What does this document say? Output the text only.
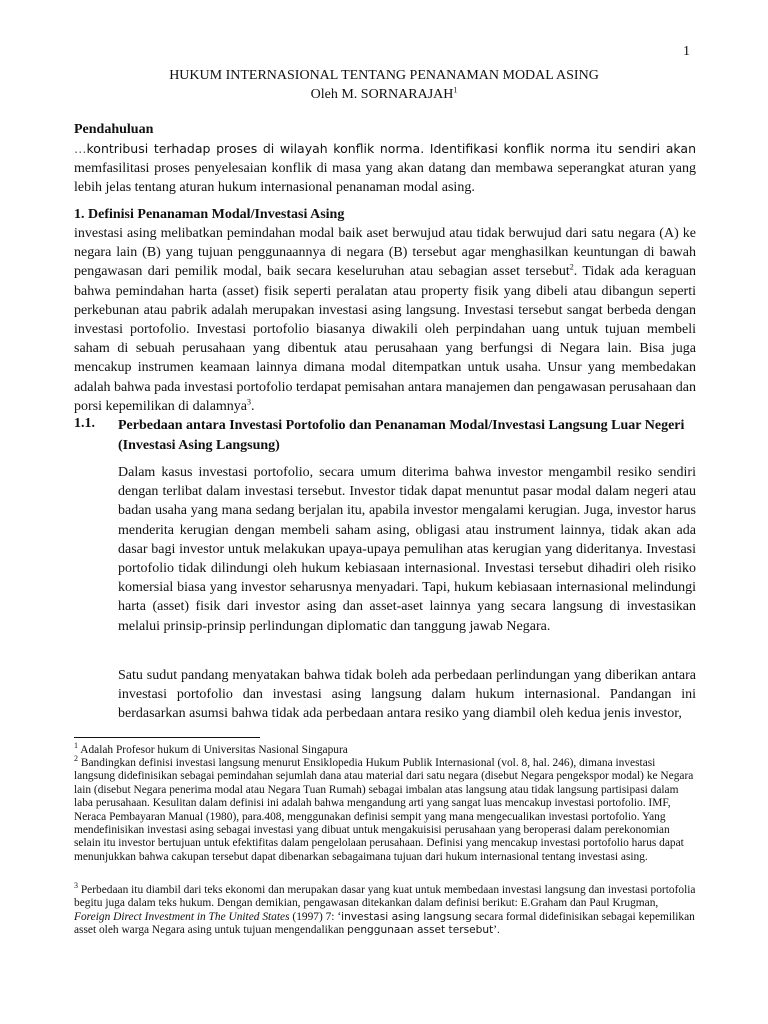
1
HUKUM INTERNASIONAL TENTANG PENANAMAN MODAL ASING
Oleh M. SORNARAJAH$^1$
Pendahuluan

…kontribusi terhadap proses di wilayah konflik norma. Identifikasi konflik norma itu sendiri akan memfasilitasi proses penyelesaian konflik di masa yang akan datang dan membawa seperangkat aturan yang lebih jelas tentang aturan hukum internasional penanaman modal asing.

1. Definisi Penanaman Modal/Investasi Asing

investasi asing melibatkan pemindahan modal baik aset berwujud atau tidak berwujud dari satu negara (A) ke negara lain (B) yang tujuan penggunaannya di negara (B) tersebut agar menghasilkan keuntungan di bawah pengawasan dari pemilik modal, baik secara keseluruhan atau sebagian asset tersebut$^2$. Tidak ada keraguan bahwa pemindahan harta (asset) fisik seperti peralatan atau property fisik yang dibeli atau dibangun seperti perkebunan atau pabrik adalah merupakan investasi asing langsung. Investasi tersebut sangat berbeda dengan investasi portofolio. Investasi portofolio biasanya diwakili oleh perpindahan uang untuk tujuan membeli saham di sebuah perusahaan yang dibentuk atau perusahaan yang berfungsi di Negara lain. Bisa juga mencakup instrumen keamaan lainnya dimana modal ditempatkan untuk usaha. Unsur yang membedakan adalah bahwa pada investasi portofolio terdapat pemisahan antara manajemen dan pengawasan perusahaan dan porsi kepemilikan di dalamnya$^3$.

1.1. Perbedaan antara Investasi Portofolio dan Penanaman Modal/Investasi Langsung Luar Negeri (Investasi Asing Langsung)
Dalam kasus investasi portofolio, secara umum diterima bahwa investor mengambil resiko sendiri dengan terlibat dalam investasi tersebut. Investor tidak dapat menuntut pasar modal dalam negeri atau badan usaha yang mana sedang berjalan itu, apabila investor mengalami kerugian. Juga, investor harus menderita kerugian dengan membeli saham asing, obligasi atau instrument lainnya, tidak akan ada dasar bagi investor untuk melakukan upaya-upaya pemulihan atas kerugian yang dideritanya. Investasi portofolio tidak dilindungi oleh hukum kebiasaan internasional. Investasi tersebut dihadiri oleh risiko komersial biasa yang investor seharusnya menyadari. Tapi, hukum kebiasaan internasional melindungi harta (asset) fisik dari investor asing dan asset-aset lainnya yang secara langsung di investasikan melalui prinsip-prinsip perlindungan diplomatic dan tanggung jawab Negara.
Satu sudut pandang menyatakan bahwa tidak boleh ada perbedaan perlindungan yang diberikan antara investasi portofolio dan investasi asing langsung dalam hukum internasional. Pandangan ini berdasarkan asumsi bahwa tidak ada perbedaan antara resiko yang diambil oleh kedua jenis investor,
$^1$ Adalah Profesor hukum di Universitas Nasional Singapura
$^2$ Bandingkan definisi investasi langsung menurut Ensiklopedia Hukum Publik Internasional (vol. 8, hal. 246), dimana investasi langsung didefinisikan sebagai pemindahan sejumlah dana atau material dari satu negara (disebut Negara pengekspor modal) ke Negara lain (disebut Negara penerima modal atau Negara Tuan Rumah) sebagai imbalan atas langsung atau tidak langsung partisipasi dalam laba perusahaan. Kesulitan dalam definisi ini adalah bahwa mengandung arti yang sangat luas mencakup investasi portofolio. IMF, Neraca Pembayaran Manual (1980), para.408, menggunakan definisi sempit yang mana mengecualikan investasi portofolio. Yang mendefinisikan investasi asing sebagai investasi yang dibuat untuk mengakuisisi perusahaan yang beroperasi dalam perekonomian selain itu investor bertujuan untuk efektifitas dalam pengelolaan perusahaan. Definisi yang mencakup investasi portofolio harus dapat menunjukkan bahwa cakupan tersebut dapat dibenarkan sebagaimana tujuan dari hukum internasional tentang investasi asing.
$^3$ Perbedaan itu diambil dari teks ekonomi dan merupakan dasar yang kuat untuk membedaan investasi langsung dan investasi portofolia begitu juga dalam teks hukum. Dengan demikian, pengawasan ditekankan dalam definisi berikut: E.Graham dan Paul Krugman, Foreign Direct Investment in The United States (1997) 7: ‘investasi asing langsung secara formal didefinisikan sebagai kepemilikan asset oleh warga Negara asing untuk tujuan mengendalikan penggunaan asset tersebut’.
